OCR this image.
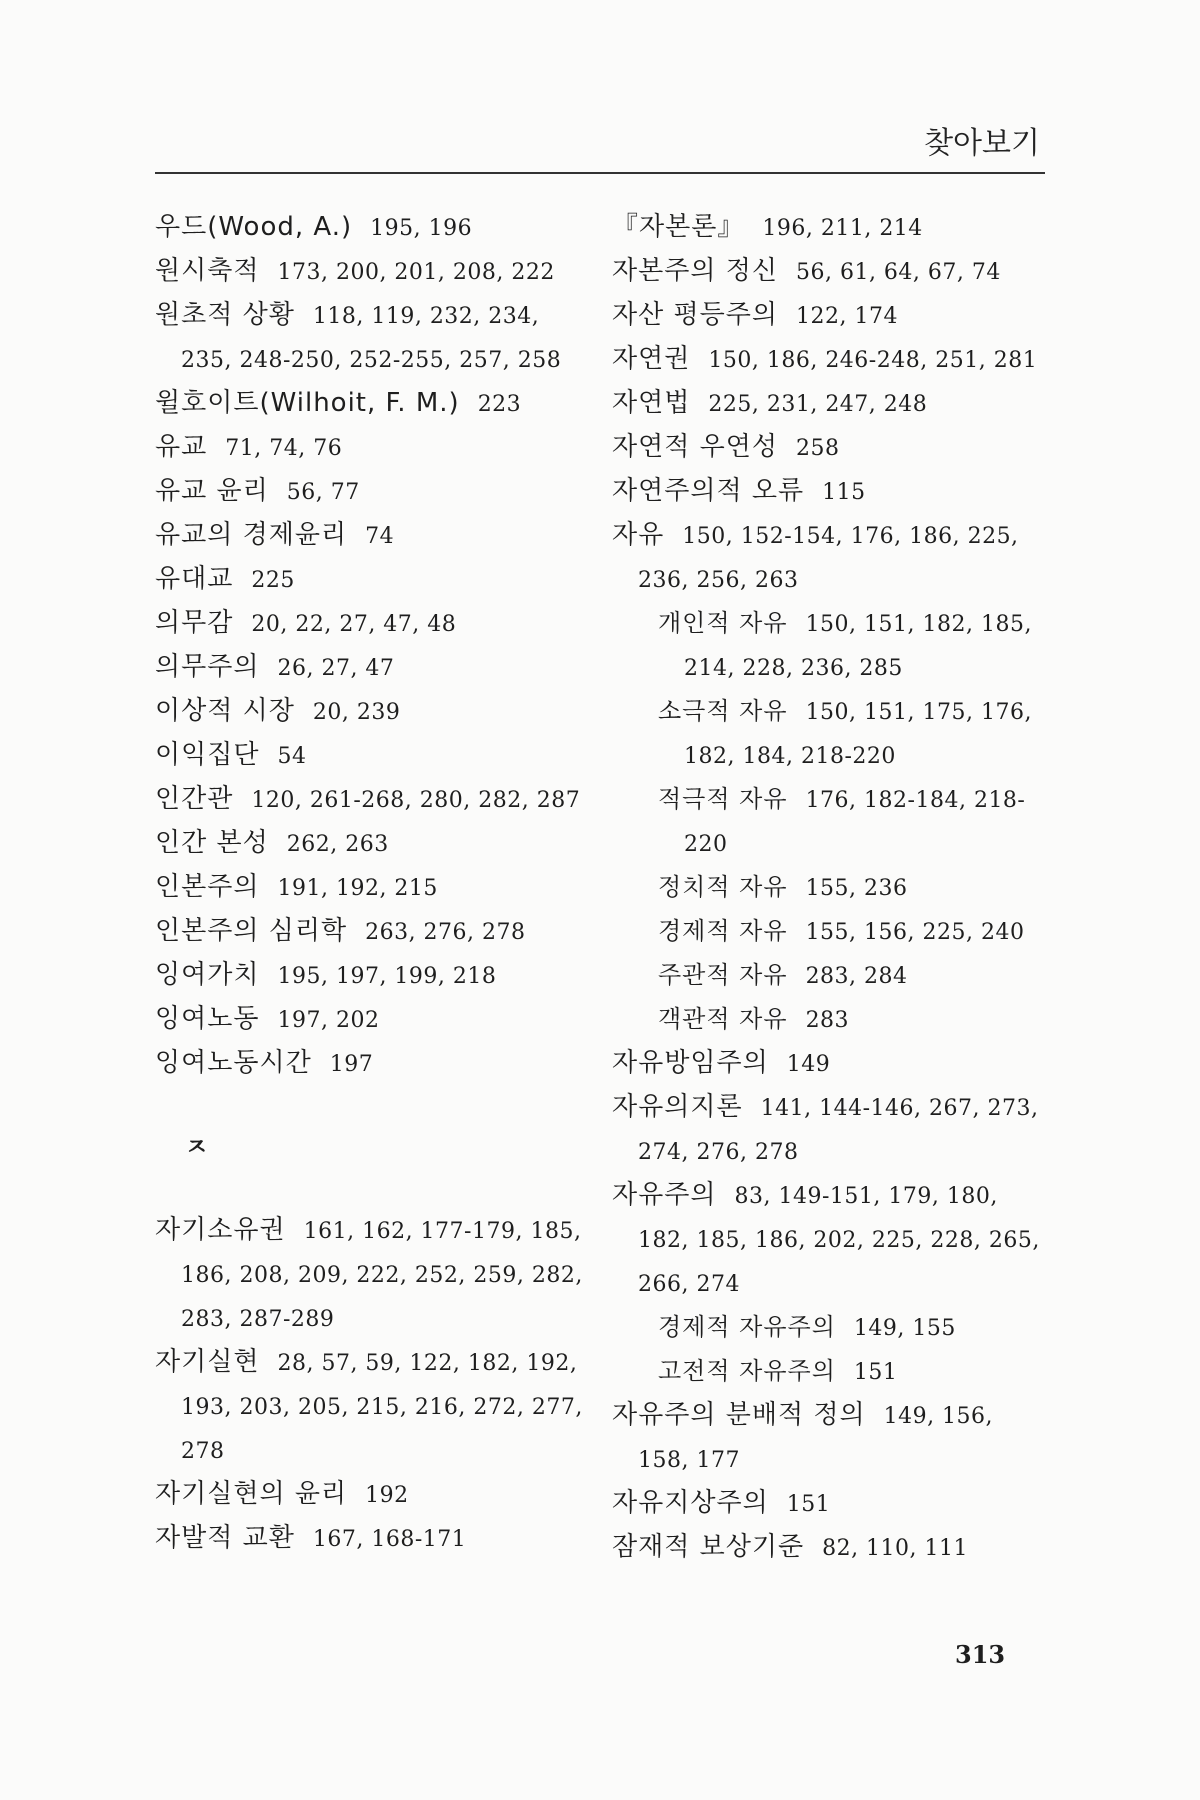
찾아보기
우드(Wood, A.) 195, 196
원시축적 173, 200, 201, 208, 222
원초적 상황 118, 119, 232, 234,
235, 248-250, 252-255, 257, 258
윌호이트(Wilhoit, F. M.) 223
유교 71, 74, 76
유교 윤리 56, 77
유교의 경제윤리 74
유대교 225
의무감 20, 22, 27, 47, 48
의무주의 26, 27, 47
이상적 시장 20, 239
이익집단 54
인간관 120, 261-268, 280, 282, 287
인간 본성 262, 263
인본주의 191, 192, 215
인본주의 심리학 263, 276, 278
잉여가치 195, 197, 199, 218
잉여노동 197, 202
잉여노동시간 197
ㅈ
자기소유권 161, 162, 177-179, 185,
186, 208, 209, 222, 252, 259, 282,
283, 287-289
자기실현 28, 57, 59, 122, 182, 192,
193, 203, 205, 215, 216, 272, 277,
278
자기실현의 윤리 192
자발적 교환 167, 168-171
『자본론』 196, 211, 214
자본주의 정신 56, 61, 64, 67, 74
자산 평등주의 122, 174
자연권 150, 186, 246-248, 251, 281
자연법 225, 231, 247, 248
자연적 우연성 258
자연주의적 오류 115
자유 150, 152-154, 176, 186, 225,
236, 256, 263
개인적 자유 150, 151, 182, 185,
214, 228, 236, 285
소극적 자유 150, 151, 175, 176,
182, 184, 218-220
적극적 자유 176, 182-184, 218-
220
정치적 자유 155, 236
경제적 자유 155, 156, 225, 240
주관적 자유 283, 284
객관적 자유 283
자유방임주의 149
자유의지론 141, 144-146, 267, 273,
274, 276, 278
자유주의 83, 149-151, 179, 180,
182, 185, 186, 202, 225, 228, 265,
266, 274
경제적 자유주의 149, 155
고전적 자유주의 151
자유주의 분배적 정의 149, 156,
158, 177
자유지상주의 151
잠재적 보상기준 82, 110, 111
313
